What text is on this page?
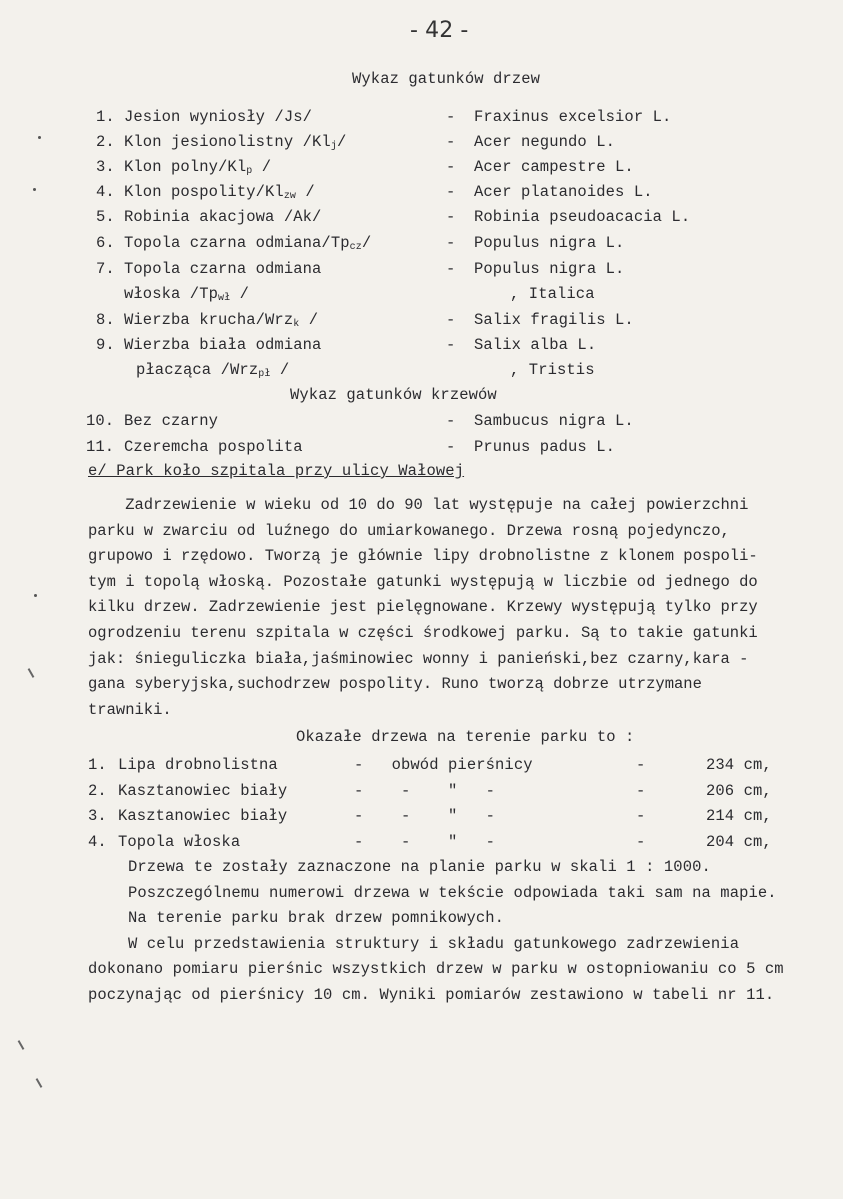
- 42 -
Wykaz gatunków drzew
1. Jesion wyniosły /Js/	- Fraxinus excelsior L.
2. Klon jesionolistny $/Kl_j/$	- Acer negundo L.
3. Klon polny/$Kl_p$ /	- Acer campestre L.
4. Klon pospolity/$Kl_{zw}$ /	- Acer platanoides L.
5. Robinia akacjowa /Ak/	- Robinia pseudoacacia L.
6. Topola czarna odmiana/$Tp_{cz}/$	- Populus nigra L.
7. Topola czarna odmiana	- Populus nigra L.
włoska $/Tp_{wł}$ /	, Italica
8. Wierzba krucha/Wrz$_k$ /	- Salix fragilis L.
9. Wierzba biała odmiana	- Salix alba L.
płacząca /Wrz$_{pł}$ /	, Tristis
Wykaz gatunków krzewów
10. Bez czarny	- Sambucus nigra L.
11. Czeremcha pospolita	- Prunus padus L.
e/ Park koło szpitala przy ulicy Wałowej
Zadrzewienie w wieku od 10 do 90 lat występuje na całej powierzchni
parku w zwarciu od luźnego do umiarkowanego. Drzewa rosną pojedynczo,
grupowo i rzędowo. Tworzą je głównie lipy drobnolistne z klonem pospoli-
tym i topolą włoską. Pozostałe gatunki występują w liczbie od jednego do
kilku drzew. Zadrzewienie jest pielęgnowane. Krzewy występują tylko przy
ogrodzeniu terenu szpitala w części środkowej parku. Są to takie gatunki
jak: śnieguliczka biała,jaśminowiec wonny i panieński,bez czarny,kara -
gana syberyjska,suchodrzew pospolity. Runo tworzą dobrze utrzymane
trawniki.
Okazałe drzewa na terenie parku to :
1. Lipa drobnolistna	-   obwód pierśnicy	-	234 cm,
2. Kasztanowiec biały	-    -    "   -	-	206 cm,
3. Kasztanowiec biały	-    -    "   -	-	214 cm,
4. Topola włoska	-    -    "   -	-	204 cm,
Drzewa te zostały zaznaczone na planie parku w skali 1 : 1000.
Poszczególnemu numerowi drzewa w tekście odpowiada taki sam na mapie.
Na terenie parku brak drzew pomnikowych.
W celu przedstawienia struktury i składu gatunkowego zadrzewienia
dokonano pomiaru pierśnic wszystkich drzew w parku w ostopniowaniu co 5 cm
poczynając od pierśnicy 10 cm. Wyniki pomiarów zestawiono w tabeli nr 11.
